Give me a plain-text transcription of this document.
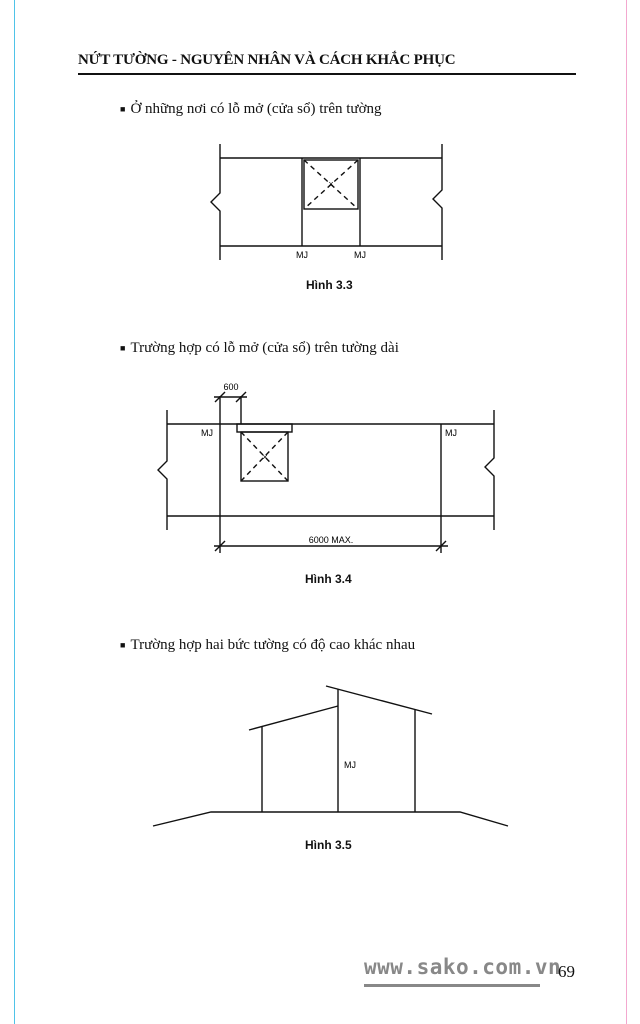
NỨT TƯỜNG - NGUYÊN NHÂN VÀ CÁCH KHẮC PHỤC
■ Ở những nơi có lỗ mở (cửa sổ) trên tường
×
MJ	MJ
Hình 3.3
■ Trường hợp có lỗ mở (cửa sổ) trên tường dài
×
600
6000 MAX.
MJ	MJ
Hình 3.4
■ Trường hợp hai bức tường có độ cao khác nhau
MJ
Hình 3.5
www.sako.com.vn
69
